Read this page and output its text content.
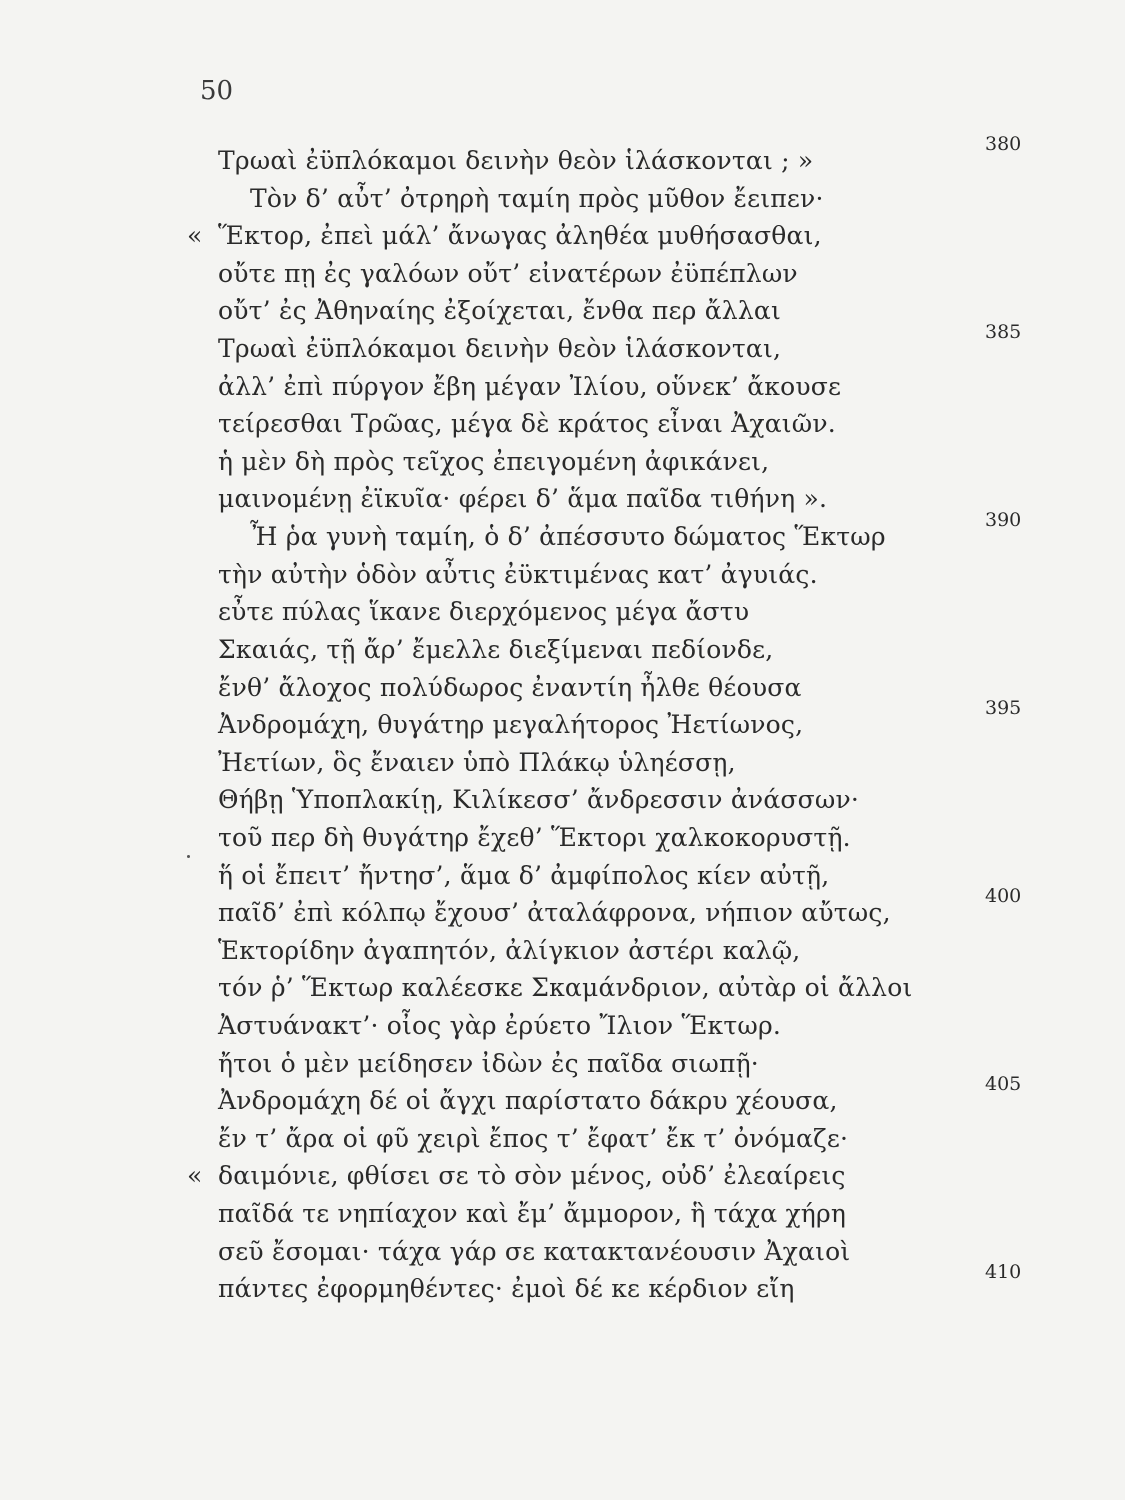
50
Τρωαὶ ἐϋπλόκαμοι δεινὴν θεὸν ἱλάσκονται ; »
380
Τὸν δ’ αὖτ’ ὀτρηρὴ ταμίη πρὸς μῦθον ἔειπεν·
« Ἕκτορ, ἐπεὶ μάλ’ ἄνωγας ἀληθέα μυθήσασθαι,
οὔτε πῃ ἐς γαλόων οὔτ’ εἰνατέρων ἐϋπέπλων
οὔτ’ ἐς Ἀθηναίης ἐξοίχεται, ἔνθα περ ἄλλαι
Τρωαὶ ἐϋπλόκαμοι δεινὴν θεὸν ἱλάσκονται,
385
ἀλλ’ ἐπὶ πύργον ἔβη μέγαν Ἰλίου, οὕνεκ’ ἄκουσε
τείρεσθαι Τρῶας, μέγα δὲ κράτος εἶναι Ἀχαιῶν.
ἡ μὲν δὴ πρὸς τεῖχος ἐπειγομένη ἀφικάνει,
μαινομένῃ ἐϊκυῖα· φέρει δ’ ἅμα παῖδα τιθήνη ».
Ἦ ῥα γυνὴ ταμίη, ὁ δ’ ἀπέσσυτο δώματος Ἕκτωρ
390
τὴν αὐτὴν ὁδὸν αὖτις ἐϋκτιμένας κατ’ ἀγυιάς.
εὖτε πύλας ἵκανε διερχόμενος μέγα ἄστυ
Σκαιάς, τῇ ἄρ’ ἔμελλε διεξίμεναι πεδίονδε,
ἔνθ’ ἄλοχος πολύδωρος ἐναντίη ἦλθε θέουσα
Ἀνδρομάχη, θυγάτηρ μεγαλήτορος Ἠετίωνος,
395
Ἠετίων, ὃς ἔναιεν ὑπὸ Πλάκῳ ὑληέσσῃ,
Θήβῃ Ὑποπλακίῃ, Κιλίκεσσ’ ἄνδρεσσιν ἀνάσσων·
τοῦ περ δὴ θυγάτηρ ἔχεθ’ Ἕκτορι χαλκοκορυστῇ.
ἥ οἱ ἔπειτ’ ἤντησ’, ἅμα δ’ ἀμφίπολος κίεν αὐτῇ,
παῖδ’ ἐπὶ κόλπῳ ἔχουσ’ ἀταλάφρονα, νήπιον αὔτως,
400
Ἑκτορίδην ἀγαπητόν, ἀλίγκιον ἀστέρι καλῷ,
τόν ῥ’ Ἕκτωρ καλέεσκε Σκαμάνδριον, αὐτὰρ οἱ ἄλλοι
Ἀστυάνακτ’· οἶος γὰρ ἐρύετο Ἴλιον Ἕκτωρ.
ἤτοι ὁ μὲν μείδησεν ἰδὼν ἐς παῖδα σιωπῇ·
Ἀνδρομάχη δέ οἱ ἄγχι παρίστατο δάκρυ χέουσα,
405
ἔν τ’ ἄρα οἱ φῦ χειρὶ ἔπος τ’ ἔφατ’ ἔκ τ’ ὀνόμαζε·
« δαιμόνιε, φθίσει σε τὸ σὸν μένος, οὐδ’ ἐλεαίρεις
παῖδά τε νηπίαχον καὶ ἔμ’ ἄμμορον, ἣ τάχα χήρη
σεῦ ἔσομαι· τάχα γάρ σε κατακτανέουσιν Ἀχαιοὶ
πάντες ἐφορμηθέντες· ἐμοὶ δέ κε κέρδιον εἴη
410
